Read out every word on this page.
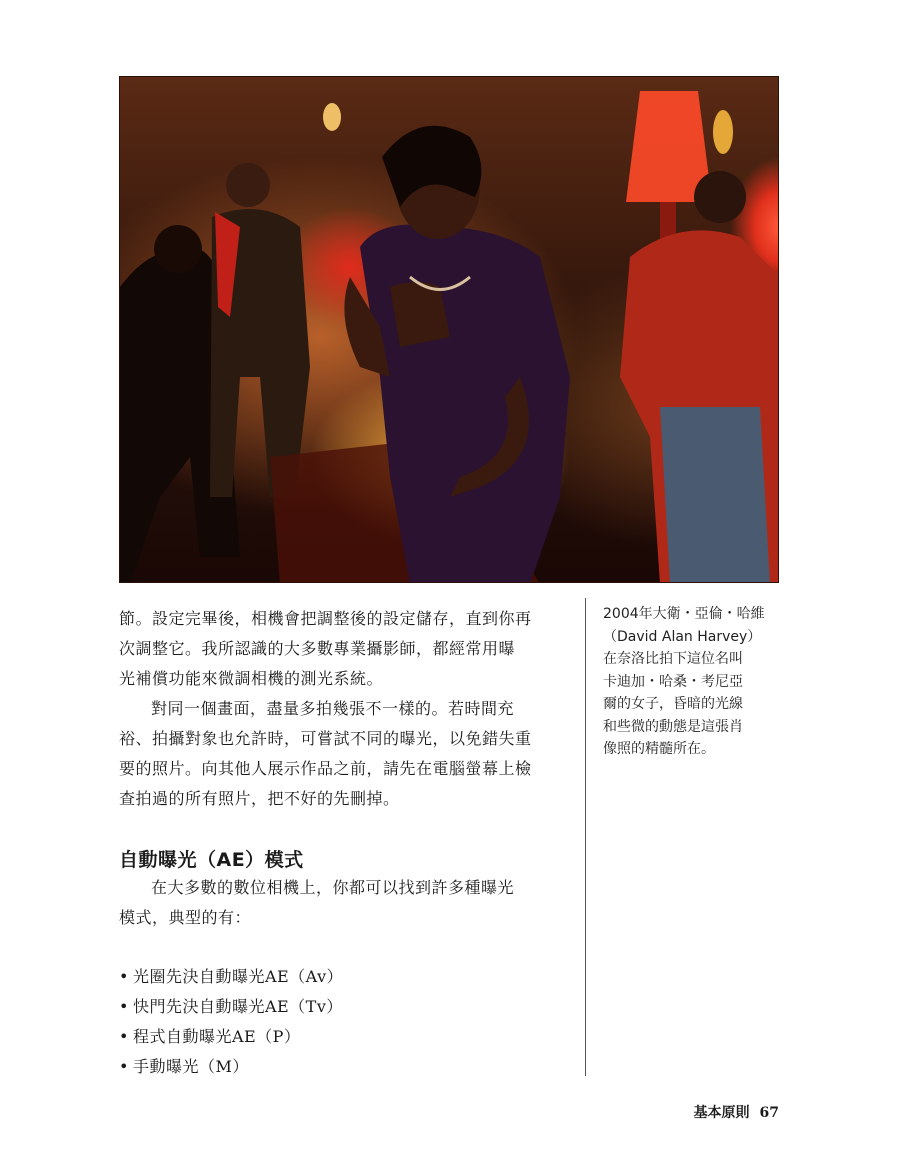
節。設定完畢後，相機會把調整後的設定儲存，直到你再
次調整它。我所認識的大多數專業攝影師，都經常用曝
光補償功能來微調相機的測光系統。

對同一個畫面，盡量多拍幾張不一樣的。若時間充
裕、拍攝對象也允許時，可嘗試不同的曝光，以免錯失重
要的照片。向其他人展示作品之前，請先在電腦螢幕上檢
查拍過的所有照片，把不好的先刪掉。

自動曝光（AE）模式

在大多數的數位相機上，你都可以找到許多種曝光
模式，典型的有：

• 光圈先決自動曝光AE（Av）
• 快門先決自動曝光AE（Tv）
• 程式自動曝光AE（P）
• 手動曝光（M）
2004年大衛・亞倫・哈維
（David Alan Harvey）
在奈洛比拍下這位名叫
卡迪加・哈桑・考尼亞
爾的女子，昏暗的光線
和些微的動態是這張肖
像照的精髓所在。
基本原則 67
